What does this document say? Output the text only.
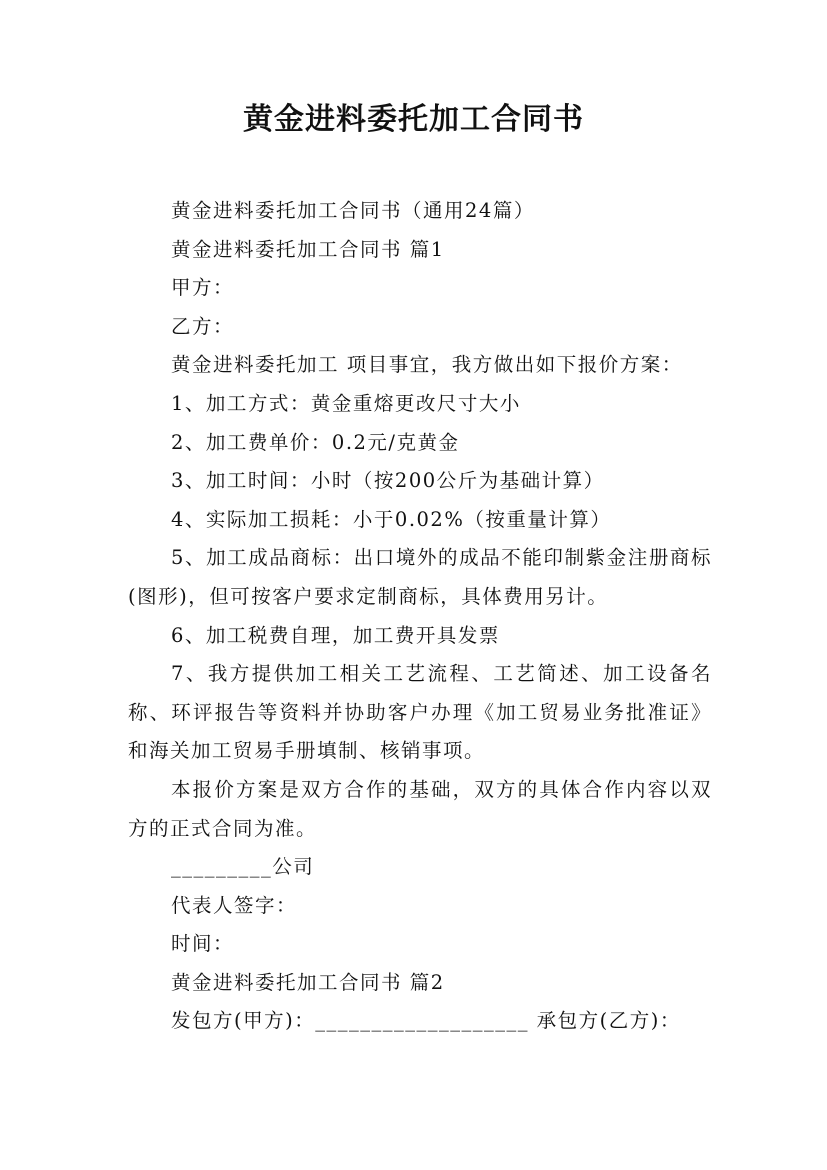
黄金进料委托加工合同书

黄金进料委托加工合同书（通用24篇）

黄金进料委托加工合同书 篇1

甲方：

乙方：

黄金进料委托加工 项目事宜，我方做出如下报价方案：

1、加工方式：黄金重熔更改尺寸大小

2、加工费单价：0.2元/克黄金

3、加工时间：小时（按200公斤为基础计算）

4、实际加工损耗：小于0.02%（按重量计算）

5、加工成品商标：出口境外的成品不能印制紫金注册商标(图形)，但可按客户要求定制商标，具体费用另计。

6、加工税费自理，加工费开具发票

7、我方提供加工相关工艺流程、工艺简述、加工设备名称、环评报告等资料并协助客户办理《加工贸易业务批准证》和海关加工贸易手册填制、核销事项。

本报价方案是双方合作的基础，双方的具体合作内容以双方的正式合同为准。

_________公司

代表人签字：

时间：

黄金进料委托加工合同书 篇2

发包方(甲方)：___________________ 承包方(乙方)：
